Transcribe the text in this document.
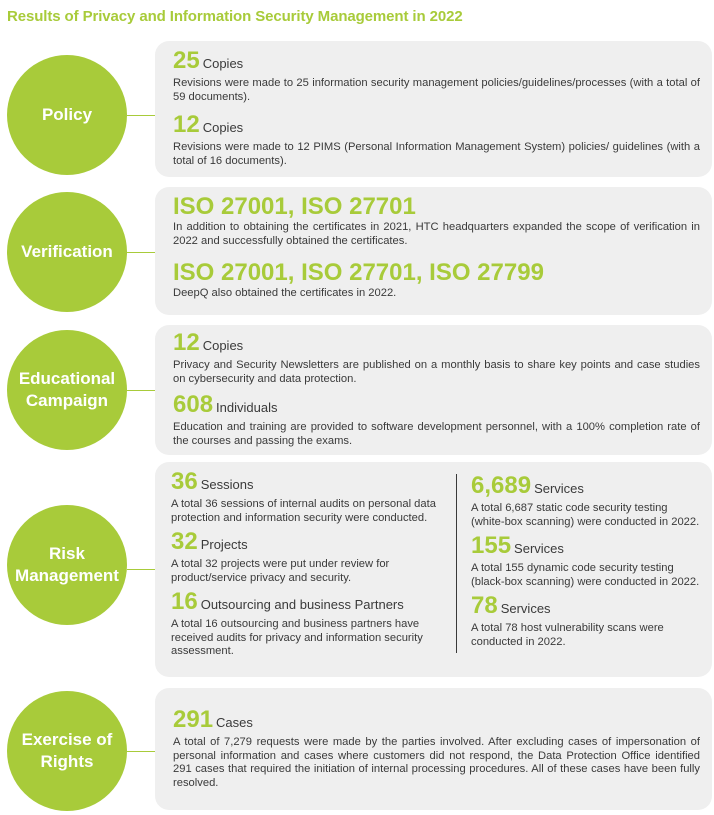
Results of Privacy and Information Security Management in 2022
Policy
25 Copies
Revisions were made to 25 information security management policies/guidelines/processes (with a total of 59 documents).
12 Copies
Revisions were made to 12 PIMS (Personal Information Management System) policies/ guidelines (with a total of 16 documents).
Verification
ISO 27001, ISO 27701
In addition to obtaining the certificates in 2021, HTC headquarters expanded the scope of verification in 2022 and successfully obtained the certificates.
ISO 27001, ISO 27701, ISO 27799
DeepQ also obtained the certificates in 2022.
Educational
Campaign
12 Copies
Privacy and Security Newsletters are published on a monthly basis to share key points and case studies on cybersecurity and data protection.
608 Individuals
Education and training are provided to software development personnel, with a 100% completion rate of the courses and passing the exams.
Risk
Management
36 Sessions
A total 36 sessions of internal audits on personal data protection and information security were conducted.
32 Projects
A total 32 projects were put under review for product/service privacy and security.
16 Outsourcing and business Partners
A total 16 outsourcing and business partners have received audits for privacy and information security assessment.
6,689 Services
A total 6,687 static code security testing (white-box scanning) were conducted in 2022.
155 Services
A total 155 dynamic code security testing (black-box scanning) were conducted in 2022.
78 Services
A total 78 host vulnerability scans were conducted in 2022.
Exercise of
Rights
291 Cases
A total of 7,279 requests were made by the parties involved. After excluding cases of impersonation of personal information and cases where customers did not respond, the Data Protection Office identified 291 cases that required the initiation of internal processing procedures. All of these cases have been fully resolved.
